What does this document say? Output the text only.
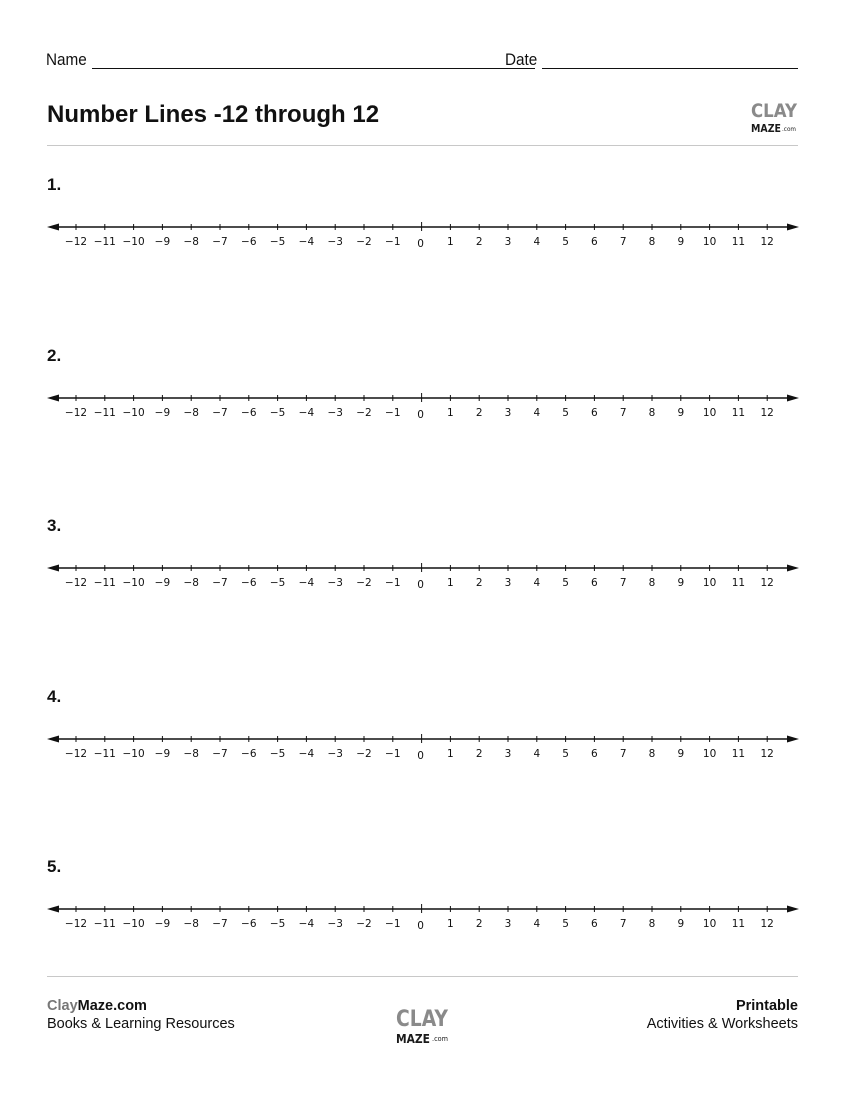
Name	Date
Number Lines -12 through 12	CLAY
MAZE .com
1.
−12 −11 −10 −9 −8 −7 −6 −5 −4 −3 −2 −1 0 1 2 3 4 5 6 7 8 9 10 11 12
2.
−12 −11 −10 −9 −8 −7 −6 −5 −4 −3 −2 −1 0 1 2 3 4 5 6 7 8 9 10 11 12
3.
−12 −11 −10 −9 −8 −7 −6 −5 −4 −3 −2 −1 0 1 2 3 4 5 6 7 8 9 10 11 12
4.
−12 −11 −10 −9 −8 −7 −6 −5 −4 −3 −2 −1 0 1 2 3 4 5 6 7 8 9 10 11 12
5.
−12 −11 −10 −9 −8 −7 −6 −5 −4 −3 −2 −1 0 1 2 3 4 5 6 7 8 9 10 11 12
ClayMaze.com
Books & Learning Resources	CLAY
MAZE .com
Printable
Activities & Worksheets
